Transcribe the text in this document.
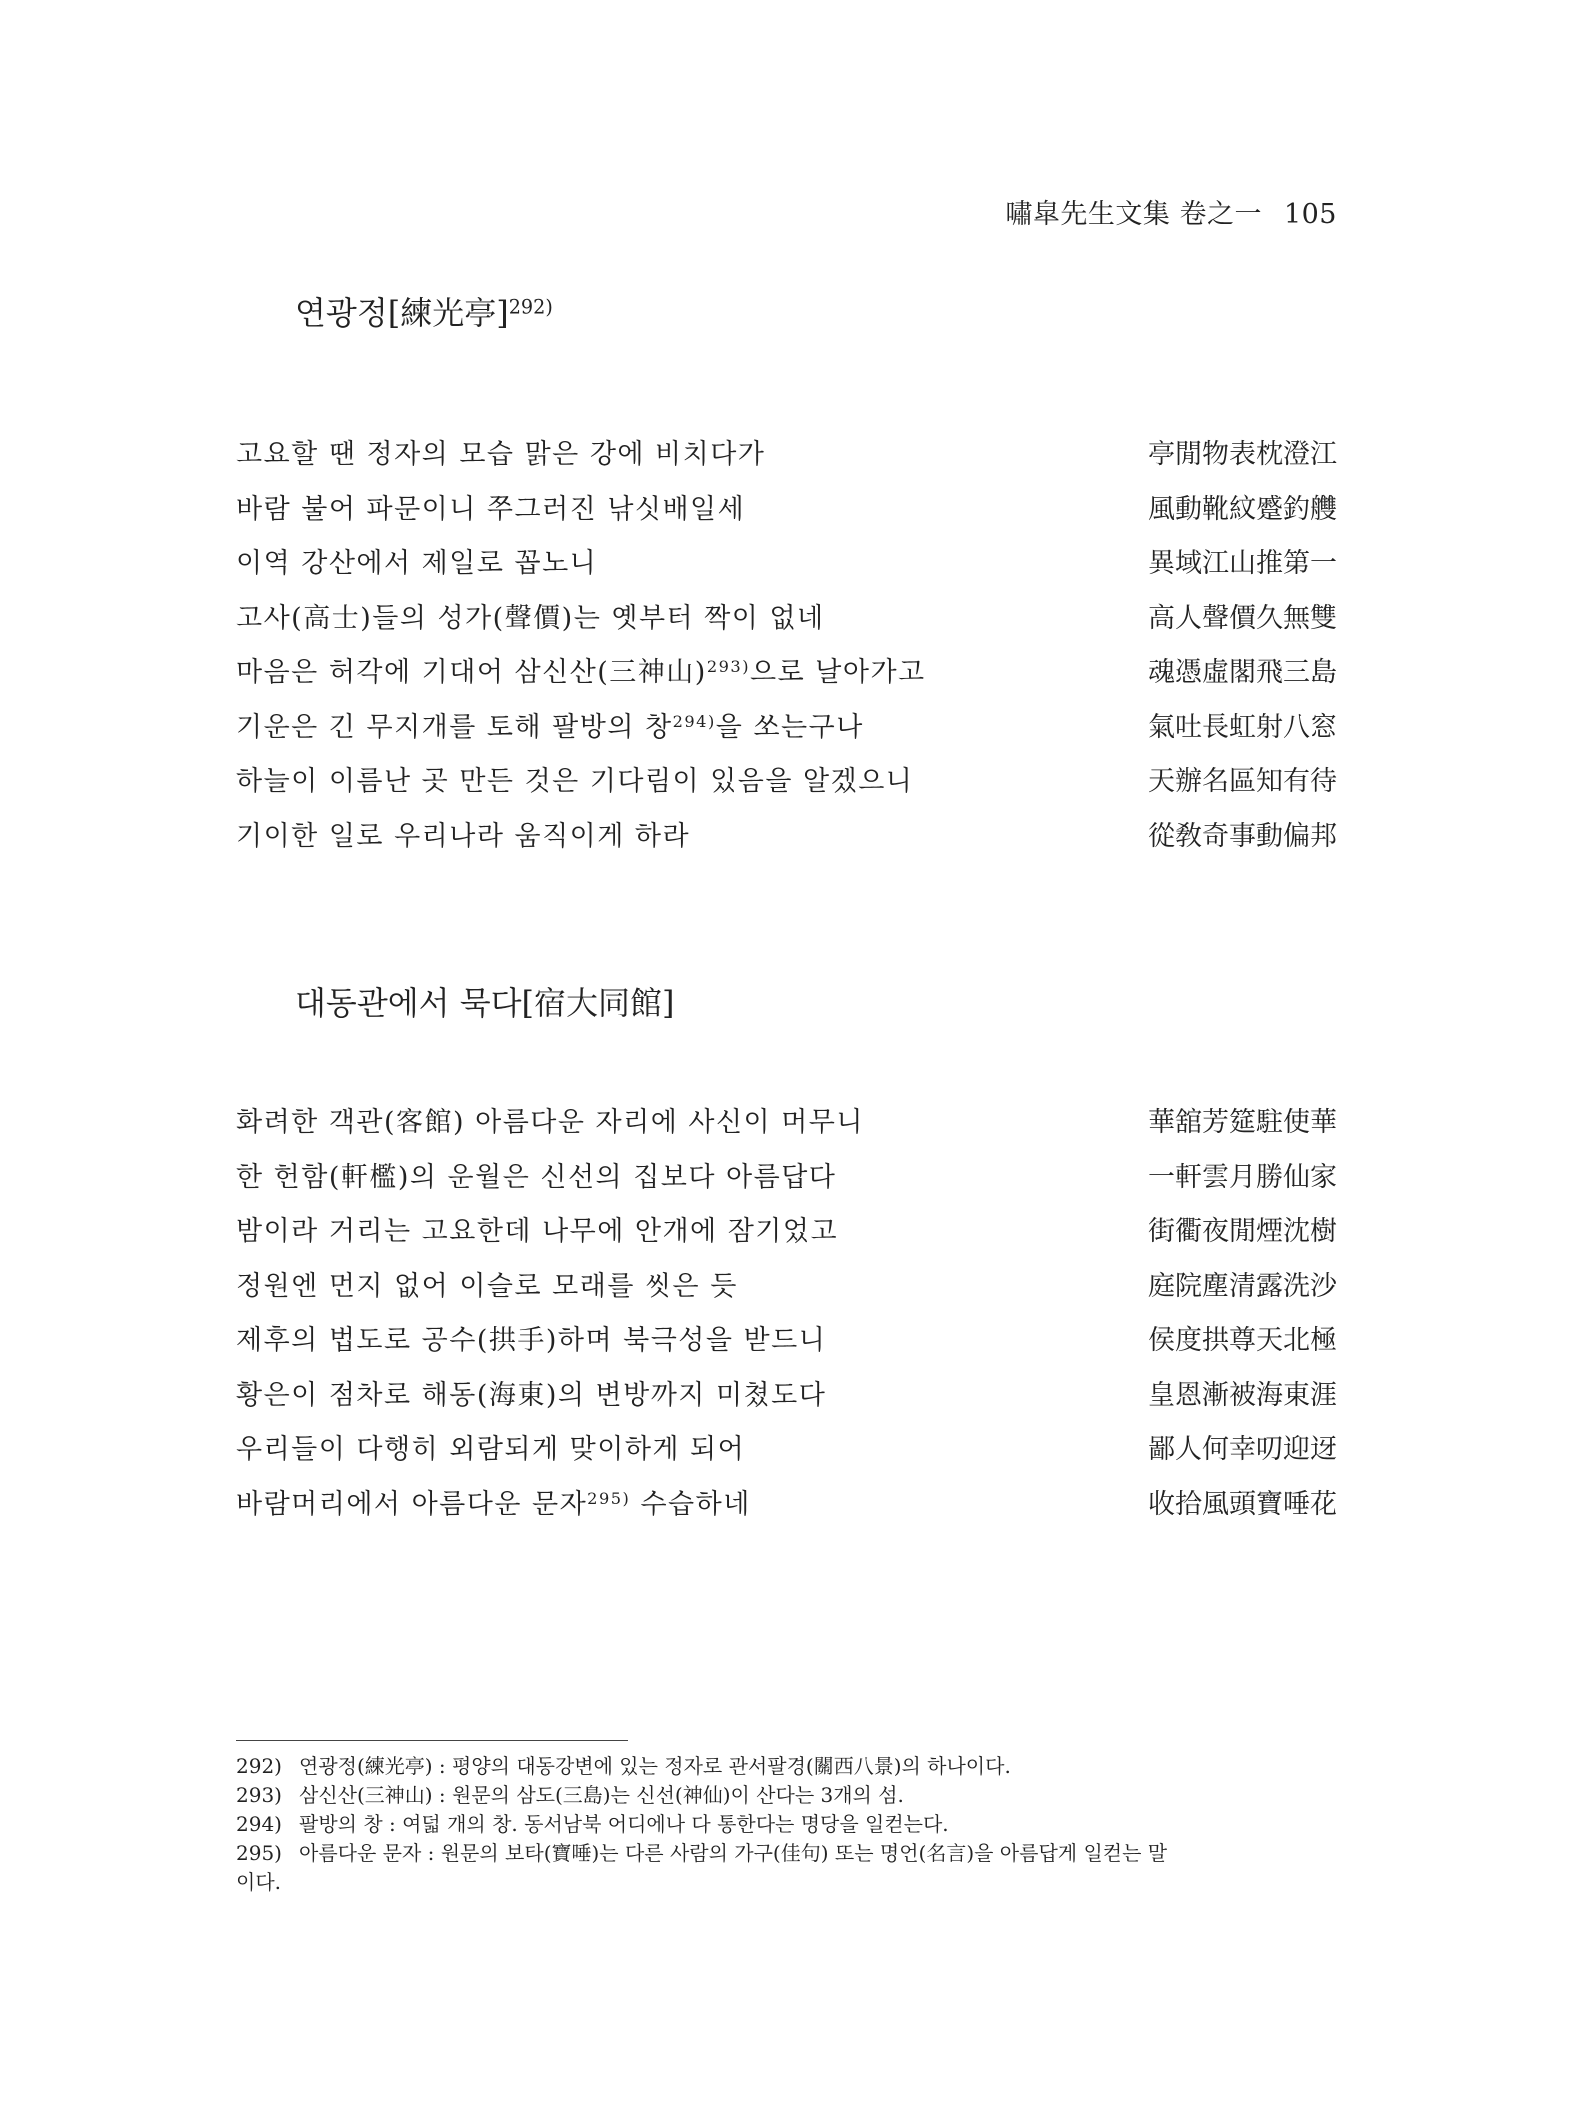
嘯皐先生文集 卷之一 105
연광정[練光亭]$^{292)}$
고요할 땐 정자의 모습 맑은 강에 비치다가	亭閒物表枕澄江
바람 불어 파문이니 쭈그러진 낚싯배일세	風動靴紋蹙釣艭
이역 강산에서 제일로 꼽노니	異域江山推第一
고사(高士)들의 성가(聲價)는 옛부터 짝이 없네	高人聲價久無雙
마음은 허각에 기대어 삼신산(三神山)$^{293)}$으로 날아가고	魂憑虛閣飛三島
기운은 긴 무지개를 토해 팔방의 창$^{294)}$을 쏘는구나	氣吐長虹射八窓
하늘이 이름난 곳 만든 것은 기다림이 있음을 알겠으니	天辦名區知有待
기이한 일로 우리나라 움직이게 하라	從敎奇事動偏邦
대동관에서 묵다[宿大同館]
화려한 객관(客館) 아름다운 자리에 사신이 머무니	華舘芳筵駐使華
한 헌함(軒檻)의 운월은 신선의 집보다 아름답다	一軒雲月勝仙家
밤이라 거리는 고요한데 나무에 안개에 잠기었고	街衢夜閒煙沈樹
정원엔 먼지 없어 이슬로 모래를 씻은 듯	庭院塵清露洗沙
제후의 법도로 공수(拱手)하며 북극성을 받드니	侯度拱尊天北極
황은이 점차로 해동(海東)의 변방까지 미쳤도다	皇恩漸被海東涯
우리들이 다행히 외람되게 맞이하게 되어	鄙人何幸叨迎迓
바람머리에서 아름다운 문자$^{295)}$ 수습하네	收拾風頭寶唾花
292) 연광정(練光亭) : 평양의 대동강변에 있는 정자로 관서팔경(關西八景)의 하나이다.
293) 삼신산(三神山) : 원문의 삼도(三島)는 신선(神仙)이 산다는 3개의 섬.
294) 팔방의 창 : 여덟 개의 창. 동서남북 어디에나 다 통한다는 명당을 일컫는다.
295) 아름다운 문자 : 원문의 보타(寶唾)는 다른 사람의 가구(佳句) 또는 명언(名言)을 아름답게 일컫는 말
이다.
